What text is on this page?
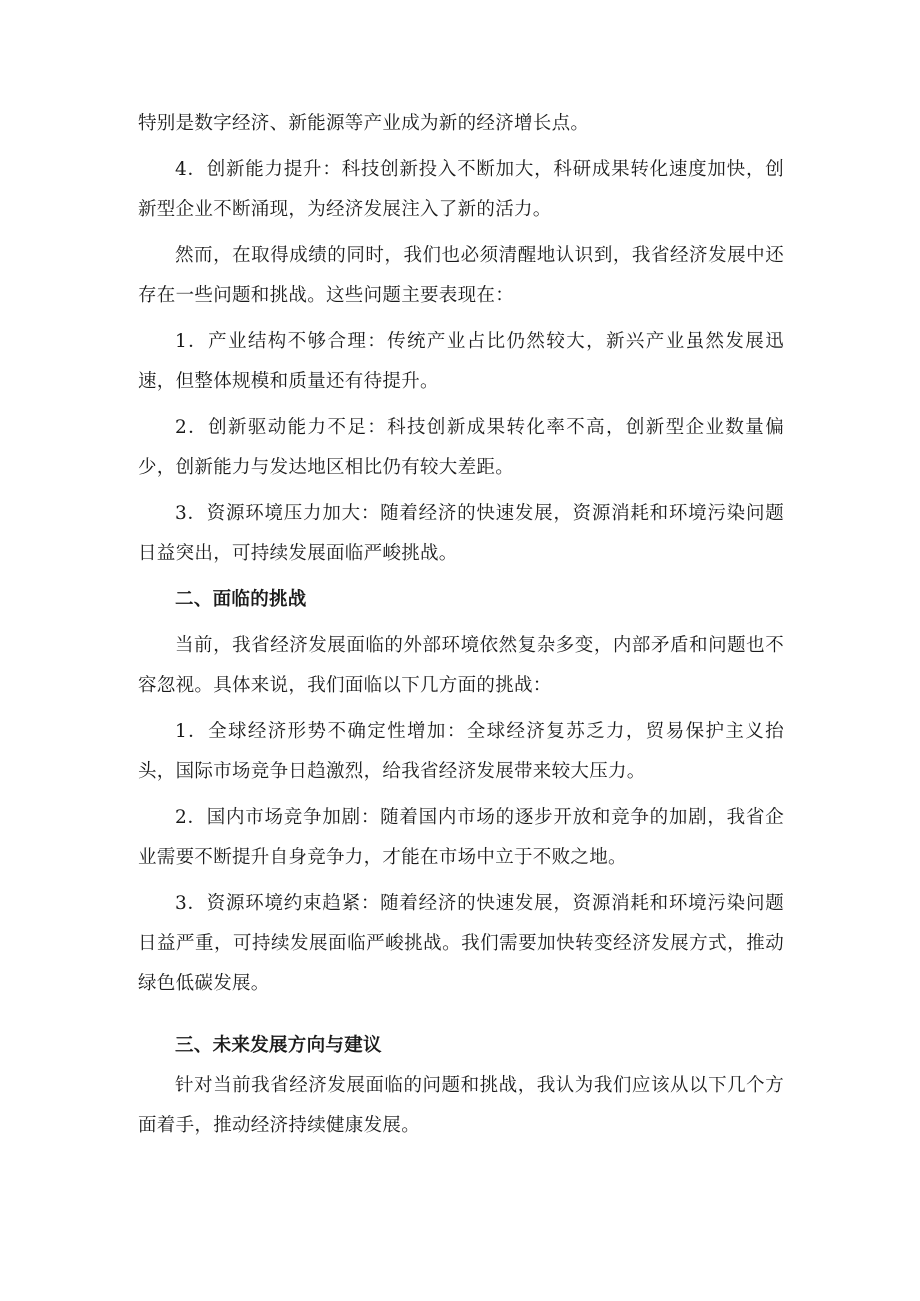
特别是数字经济、新能源等产业成为新的经济增长点。

4．创新能力提升：科技创新投入不断加大，科研成果转化速度加快，创新型企业不断涌现，为经济发展注入了新的活力。

然而，在取得成绩的同时，我们也必须清醒地认识到，我省经济发展中还存在一些问题和挑战。这些问题主要表现在：

1．产业结构不够合理：传统产业占比仍然较大，新兴产业虽然发展迅速，但整体规模和质量还有待提升。

2．创新驱动能力不足：科技创新成果转化率不高，创新型企业数量偏少，创新能力与发达地区相比仍有较大差距。

3．资源环境压力加大：随着经济的快速发展，资源消耗和环境污染问题日益突出，可持续发展面临严峻挑战。

二、面临的挑战

当前，我省经济发展面临的外部环境依然复杂多变，内部矛盾和问题也不容忽视。具体来说，我们面临以下几方面的挑战：

1．全球经济形势不确定性增加：全球经济复苏乏力，贸易保护主义抬头，国际市场竞争日趋激烈，给我省经济发展带来较大压力。

2．国内市场竞争加剧：随着国内市场的逐步开放和竞争的加剧，我省企业需要不断提升自身竞争力，才能在市场中立于不败之地。

3．资源环境约束趋紧：随着经济的快速发展，资源消耗和环境污染问题日益严重，可持续发展面临严峻挑战。我们需要加快转变经济发展方式，推动绿色低碳发展。

三、未来发展方向与建议

针对当前我省经济发展面临的问题和挑战，我认为我们应该从以下几个方面着手，推动经济持续健康发展。
